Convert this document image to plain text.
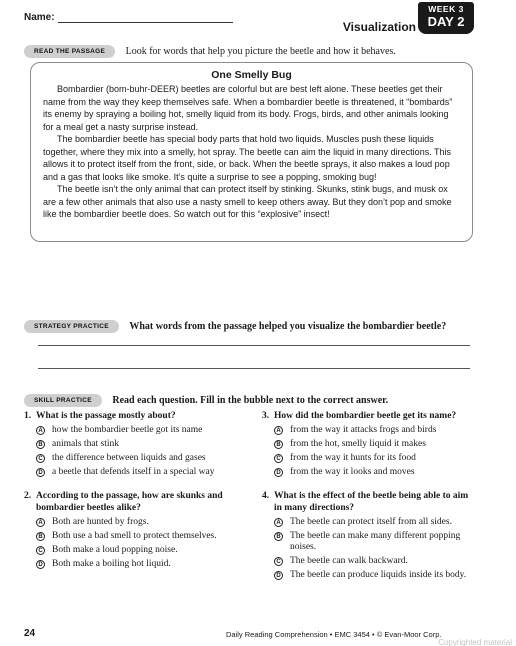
Name:
Visualization
WEEK 3
DAY 2
READ THE PASSAGE Look for words that help you picture the beetle and how it behaves.
One Smelly Bug

Bombardier (bom-buhr-DEER) beetles are colorful but are best left alone. These beetles get their name from the way they keep themselves safe. When a bombardier beetle is threatened, it “bombards” its enemy by spraying a boiling hot, smelly liquid from its body. Frogs, birds, and other animals looking for a meal get a nasty surprise instead.

The bombardier beetle has special body parts that hold two liquids. Muscles push these liquids together, where they mix into a smelly, hot spray. The beetle can aim the liquid in many directions. This allows it to protect itself from the front, side, or back. When the beetle sprays, it also makes a loud pop and a gas that looks like smoke. It’s quite a surprise to see a popping, smoking bug!

The beetle isn’t the only animal that can protect itself by stinking. Skunks, stink bugs, and musk ox are a few other animals that also use a nasty smell to keep others away. But they don’t pop and smoke like the bombardier beetle does. So watch out for this “explosive” insect!

STRATEGY PRACTICE What words from the passage helped you visualize the bombardier beetle?
SKILL PRACTICE Read each question. Fill in the bubble next to the correct answer.
1. What is the passage mostly about?
A how the bombardier beetle got its name
B animals that stink
C the difference between liquids and gases
D a beetle that defends itself in a special way
2. According to the passage, how are skunks and bombardier beetles alike?
A Both are hunted by frogs.
B Both use a bad smell to protect themselves.
C Both make a loud popping noise.
D Both make a boiling hot liquid.
3. How did the bombardier beetle get its name?
A from the way it attacks frogs and birds
B from the hot, smelly liquid it makes
C from the way it hunts for its food
D from the way it looks and moves
4. What is the effect of the beetle being able to aim in many directions?
A The beetle can protect itself from all sides.
B The beetle can make many different popping noises.
C The beetle can walk backward.
D The beetle can produce liquids inside its body.
24	Daily Reading Comprehension • EMC 3454 • © Evan-Moor Corp.
Copyrighted material
